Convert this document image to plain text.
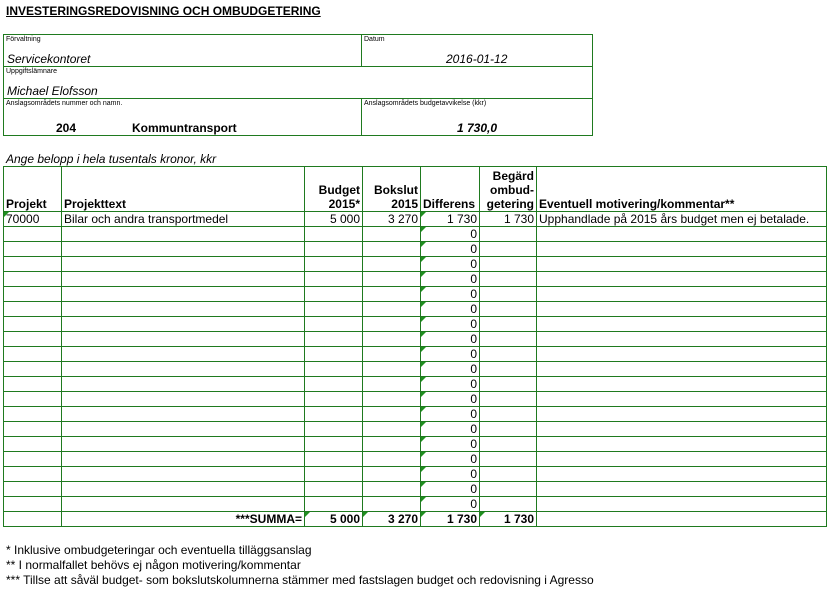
INVESTERINGSREDOVISNING OCH OMBUDGETERING
Förvaltning
Servicekontoret
Datum
2016-01-12
Uppgiftslämnare
Michael Elofsson
Anslagsområdets nummer och namn.
204	Kommuntransport
Anslagsområdets budgetavvikelse (kkr)
1 730,0
Ange belopp i hela tusentals kronor, kkr
Projekt	Projekttext	Budget 2015*	Bokslut 2015	Differens	Begärd ombud-getering	Eventuell motivering/kommentar**
70000	Bilar och andra transportmedel	5 000	3 270	1 730	1 730	Upphandlade på 2015 års budget men ej betalade.
				0		
				0		
				0		
				0		
				0		
				0		
				0		
				0		
				0		
				0		
				0		
				0		
				0		
				0		
				0		
				0		
				0		
				0		
				0		
	***SUMMA=	5 000	3 270	1 730	1 730	
* Inklusive ombudgeteringar och eventuella tilläggsanslag
** I normalfallet behövs ej någon motivering/kommentar
*** Tillse att såväl budget- som bokslutskolumnerna stämmer med fastslagen budget och redovisning i Agresso
